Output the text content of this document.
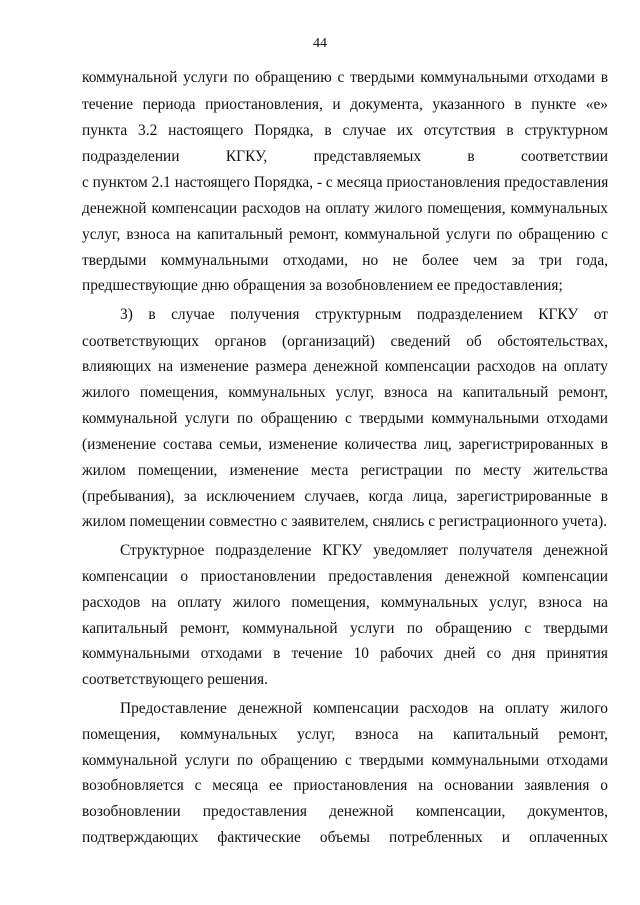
44
коммунальной услуги по обращению с твердыми коммунальными отходами в
течение периода приостановления, и документа, указанного в пункте «е»
пункта 3.2 настоящего Порядка, в случае их отсутствия в структурном
подразделении КГКУ, представляемых в соответствии
с пунктом 2.1 настоящего Порядка, - с месяца приостановления предоставления
денежной компенсации расходов на оплату жилого помещения, коммунальных
услуг, взноса на капитальный ремонт, коммунальной услуги по обращению с
твердыми коммунальными отходами, но не более чем за три года,
предшествующие дню обращения за возобновлением ее предоставления;
3) в случае получения структурным подразделением КГКУ от
соответствующих органов (организаций) сведений об обстоятельствах,
влияющих на изменение размера денежной компенсации расходов на оплату
жилого помещения, коммунальных услуг, взноса на капитальный ремонт,
коммунальной услуги по обращению с твердыми коммунальными отходами
(изменение состава семьи, изменение количества лиц, зарегистрированных в
жилом помещении, изменение места регистрации по месту жительства
(пребывания), за исключением случаев, когда лица, зарегистрированные в
жилом помещении совместно с заявителем, снялись с регистрационного учета).
Структурное подразделение КГКУ уведомляет получателя денежной
компенсации о приостановлении предоставления денежной компенсации
расходов на оплату жилого помещения, коммунальных услуг, взноса на
капитальный ремонт, коммунальной услуги по обращению с твердыми
коммунальными отходами в течение 10 рабочих дней со дня принятия
соответствующего решения.
Предоставление денежной компенсации расходов на оплату жилого
помещения, коммунальных услуг, взноса на капитальный ремонт,
коммунальной услуги по обращению с твердыми коммунальными отходами
возобновляется с месяца ее приостановления на основании заявления о
возобновлении предоставления денежной компенсации, документов,
подтверждающих фактические объемы потребленных и оплаченных
